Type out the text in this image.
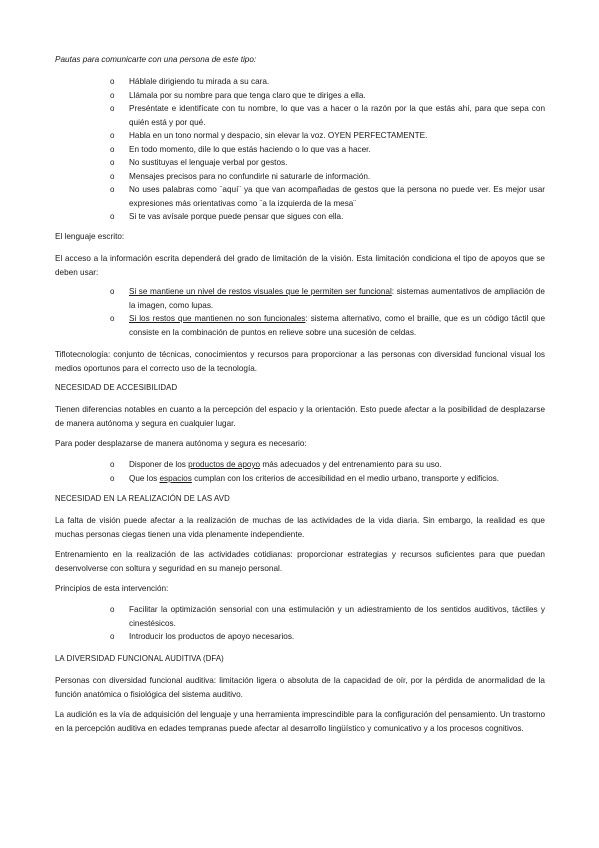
Pautas para comunicarte con una persona de este tipo:

o Háblale dirigiendo tu mirada a su cara.
o Llámala por su nombre para que tenga claro que te diriges a ella.
o Preséntate e identifícate con tu nombre, lo que vas a hacer o la razón por la que estás ahí, para que sepa con quién está y por qué.
o Habla en un tono normal y despacio, sin elevar la voz. OYEN PERFECTAMENTE.
o En todo momento, dile lo que estás haciendo o lo que vas a hacer.
o No sustituyas el lenguaje verbal por gestos.
o Mensajes precisos para no confundirle ni saturarle de información.
o No uses palabras como ¨aquí¨ ya que van acompañadas de gestos que la persona no puede ver. Es mejor usar expresiones más orientativas como ¨a la izquierda de la mesa¨
o Si te vas avísale porque puede pensar que sigues con ella.

El lenguaje escrito:

El acceso a la información escrita dependerá del grado de limitación de la visión. Esta limitación condiciona el tipo de apoyos que se deben usar:

o Si se mantiene un nivel de restos visuales que le permiten ser funcional: sistemas aumentativos de ampliación de la imagen, como lupas.
o Si los restos que mantienen no son funcionales: sistema alternativo, como el braille, que es un código táctil que consiste en la combinación de puntos en relieve sobre una sucesión de celdas.

Tiflotecnología: conjunto de técnicas, conocimientos y recursos para proporcionar a las personas con diversidad funcional visual los medios oportunos para el correcto uso de la tecnología.

NECESIDAD DE ACCESIBILIDAD

Tienen diferencias notables en cuanto a la percepción del espacio y la orientación. Esto puede afectar a la posibilidad de desplazarse de manera autónoma y segura en cualquier lugar.

Para poder desplazarse de manera autónoma y segura es necesario:

o Disponer de los productos de apoyo más adecuados y del entrenamiento para su uso.
o Que los espacios cumplan con los criterios de accesibilidad en el medio urbano, transporte y edificios.

NECESIDAD EN LA REALIZACIÓN DE LAS AVD

La falta de visión puede afectar a la realización de muchas de las actividades de la vida diaria. Sin embargo, la realidad es que muchas personas ciegas tienen una vida plenamente independiente.

Entrenamiento en la realización de las actividades cotidianas: proporcionar estrategias y recursos suficientes para que puedan desenvolverse con soltura y seguridad en su manejo personal.

Principios de esta intervención:

o Facilitar la optimización sensorial con una estimulación y un adiestramiento de los sentidos auditivos, táctiles y cinestésicos.
o Introducir los productos de apoyo necesarios.

LA DIVERSIDAD FUNCIONAL AUDITIVA (DFA)

Personas con diversidad funcional auditiva: limitación ligera o absoluta de la capacidad de oír, por la pérdida de anormalidad de la función anatómica o fisiológica del sistema auditivo.

La audición es la vía de adquisición del lenguaje y una herramienta imprescindible para la configuración del pensamiento. Un trastorno en la percepción auditiva en edades tempranas puede afectar al desarrollo lingüístico y comunicativo y a los procesos cognitivos.
